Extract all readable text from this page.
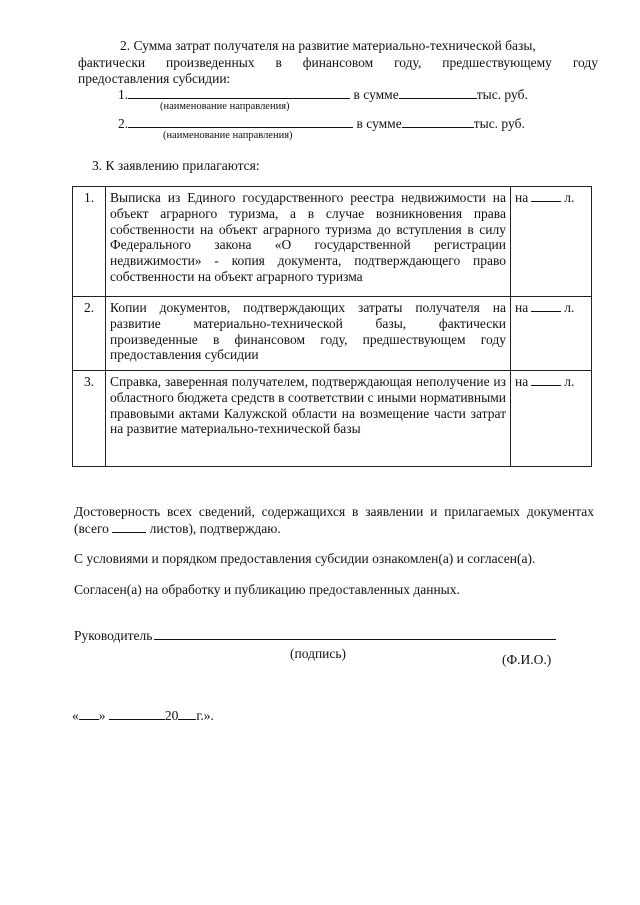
2. Сумма затрат получателя на развитие материально-технической базы,
фактически произведенных в финансовом году, предшествующему году
предоставления субсидии:
1.	в сумме	тыс. руб.
(наименование направления)
2.	в сумме	тыс. руб.
(наименование направления)
3. К заявлению прилагаются:
1.	Выписка из Единого государственного реестра недвижимости на объект аграрного туризма, а в случае возникновения права собственности на объект аграрного туризма до вступления в силу Федерального закона «О государственной регистрации недвижимости» - копия документа, подтверждающего право собственности на объект аграрного туризма	на л.
2.	Копии документов, подтверждающих затраты получателя на развитие материально-технической базы, фактически произведенные в финансовом году, предшествующем году предоставления субсидии	на л.
3.	Справка, заверенная получателем, подтверждающая неполучение из областного бюджета средств в соответствии с иными нормативными правовыми актами Калужской области на возмещение части затрат на развитие материально-технической базы	на л.
Достоверность всех сведений, содержащихся в заявлении и прилагаемых документах
(всего	листов), подтверждаю.
С условиями и порядком предоставления субсидии ознакомлен(а) и согласен(а).
Согласен(а) на обработку и публикацию предоставленных данных.
Руководитель
(подпись)	(Ф.И.О.)
« »	20 г.».
